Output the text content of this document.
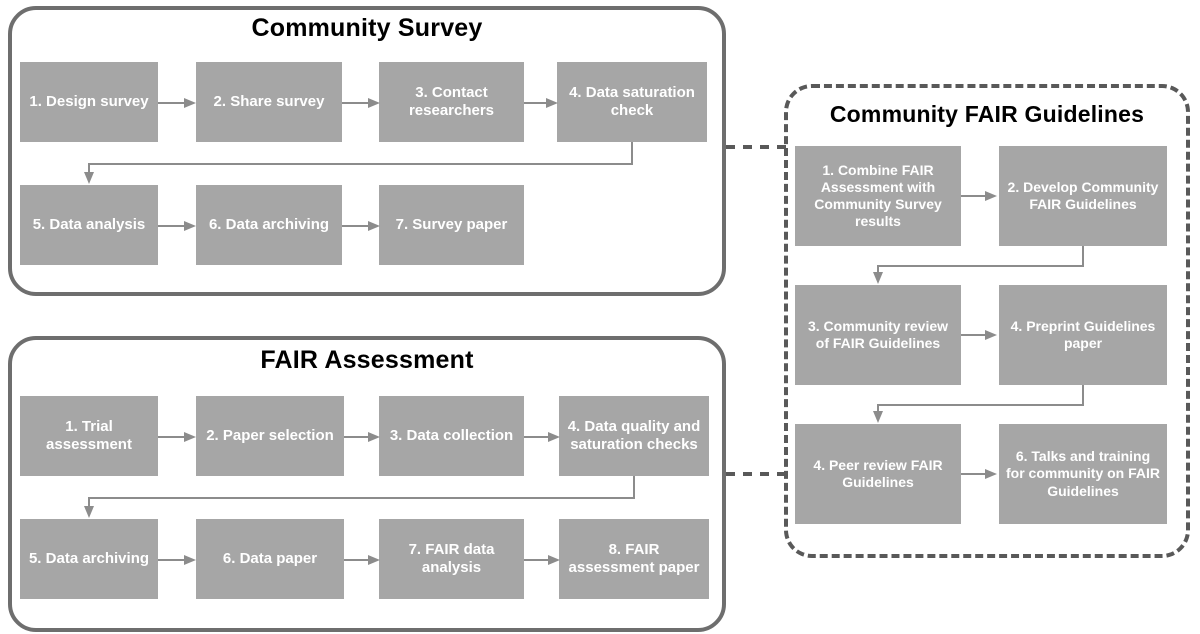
Community Survey
1. Design survey	2. Share survey
3. Contact researchers
4. Data saturation check
5. Data analysis	6. Data archiving	7. Survey paper
FAIR Assessment
1. Trial assessment
2. Paper selection	3. Data collection
4. Data quality and saturation checks
5. Data archiving	6. Data paper
7. FAIR data analysis
8. FAIR assessment paper
Community FAIR Guidelines
1. Combine FAIR Assessment with Community Survey results
2. Develop Community FAIR Guidelines
3. Community review of FAIR Guidelines
4. Preprint Guidelines paper
4. Peer review FAIR Guidelines
6. Talks and training for community on FAIR Guidelines
